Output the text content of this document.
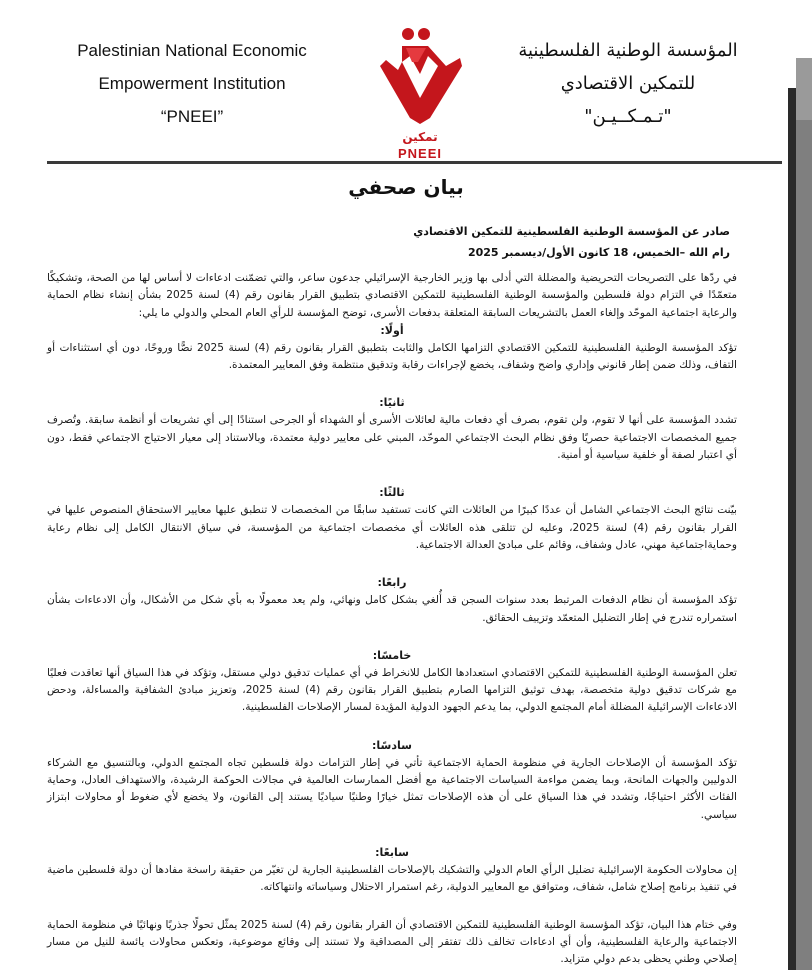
Palestinian National Economic
Empowerment Institution
“PNEEI”
تمكين
PNEEI
المؤسسة الوطنية الفلسطينية
للتمكين الاقتصادي
"تـمـكــيـن"
بيان صحفي
صادر عن المؤسسة الوطنية الفلسطينية للتمكين الاقتصادي
رام الله –الخميس، 18 كانون الأول/ديسمبر 2025

في ردّها على التصريحات التحريضية والمضللة التي أدلى بها وزير الخارجية الإسرائيلي جدعون ساعر، والتي تضمّنت ادعاءات لا أساس لها من الصحة، وتشكيكًا متعمّدًا في التزام دولة فلسطين والمؤسسة الوطنية الفلسطينية للتمكين الاقتصادي بتطبيق القرار بقانون رقم (4) لسنة 2025 بشأن إنشاء نظام الحماية والرعاية اجتماعية الموحّد وإلغاء العمل بالتشريعات السابقة المتعلقة بدفعات الأسرى، توضح المؤسسة للرأي العام المحلي والدولي ما يلي:

أولًا:

تؤكد المؤسسة الوطنية الفلسطينية للتمكين الاقتصادي التزامها الكامل والثابت بتطبيق القرار بقانون رقم (4) لسنة 2025 نصًّا وروحًا، دون أي استثناءات أو التفاف، وذلك ضمن إطار قانوني وإداري واضح وشفاف، يخضع لإجراءات رقابة وتدقيق منتظمة وفق المعايير المعتمدة.

ثانيًا:

تشدد المؤسسة على أنها لا تقوم، ولن تقوم، بصرف أي دفعات مالية لعائلات الأسرى أو الشهداء أو الجرحى استنادًا إلى أي تشريعات أو أنظمة سابقة. وتُصرف جميع المخصصات الاجتماعية حصريًا وفق نظام البحث الاجتماعي الموحّد، المبني على معايير دولية معتمدة، وبالاستناد إلى معيار الاحتياج الاجتماعي فقط، دون أي اعتبار لصفة أو خلفية سياسية أو أمنية.

ثالثًا:

بيّنت نتائج البحث الاجتماعي الشامل أن عددًا كبيرًا من العائلات التي كانت تستفيد سابقًا من المخصصات لا تنطبق عليها معايير الاستحقاق المنصوص عليها في القرار بقانون رقم (4) لسنة 2025، وعليه لن تتلقى هذه العائلات أي مخصصات اجتماعية من المؤسسة، في سياق الانتقال الكامل إلى نظام رعاية وحمايةاجتماعية مهني، عادل وشفاف، وقائم على مبادئ العدالة الاجتماعية.

رابعًا:

تؤكد المؤسسة أن نظام الدفعات المرتبط بعدد سنوات السجن قد أُلغي بشكل كامل ونهائي، ولم يعد معمولًا به بأي شكل من الأشكال، وأن الادعاءات بشأن استمراره تندرج في إطار التضليل المتعمّد وتزييف الحقائق.

خامسًا:

تعلن المؤسسة الوطنية الفلسطينية للتمكين الاقتصادي استعدادها الكامل للانخراط في أي عمليات تدقيق دولي مستقل، وتؤكد في هذا السياق أنها تعاقدت فعليًا مع شركات تدقيق دولية متخصصة، بهدف توثيق التزامها الصارم بتطبيق القرار بقانون رقم (4) لسنة 2025، وتعزيز مبادئ الشفافية والمساءلة، ودحض الادعاءات الإسرائيلية المضللة أمام المجتمع الدولي، بما يدعم الجهود الدولية المؤيدة لمسار الإصلاحات الفلسطينية.

سادسًا:

تؤكد المؤسسة أن الإصلاحات الجارية في منظومة الحماية الاجتماعية تأتي في إطار التزامات دولة فلسطين تجاه المجتمع الدولي، وبالتنسيق مع الشركاء الدوليين والجهات المانحة، وبما يضمن مواءمة السياسات الاجتماعية مع أفضل الممارسات العالمية في مجالات الحوكمة الرشيدة، والاستهداف العادل، وحماية الفئات الأكثر احتياجًا، وتشدد في هذا السياق على أن هذه الإصلاحات تمثل خيارًا وطنيًا سياديًا يستند إلى القانون، ولا يخضع لأي ضغوط أو محاولات ابتزاز سياسي.

سابعًا:

إن محاولات الحكومة الإسرائيلية تضليل الرأي العام الدولي والتشكيك بالإصلاحات الفلسطينية الجارية لن تغيّر من حقيقة راسخة مفادها أن دولة فلسطين ماضية في تنفيذ برنامج إصلاح شامل، شفاف، ومتوافق مع المعايير الدولية، رغم استمرار الاحتلال وسياساته وانتهاكاته.

وفي ختام هذا البيان، تؤكد المؤسسة الوطنية الفلسطينية للتمكين الاقتصادي أن القرار بقانون رقم (4) لسنة 2025 يمثّل تحولًا جذريًا ونهائيًا في منظومة الحماية الاجتماعية والرعاية الفلسطينية، وأن أي ادعاءات تخالف ذلك تفتقر إلى المصداقية ولا تستند إلى وقائع موضوعية، وتعكس محاولات يائسة للنيل من مسار إصلاحي وطني يحظى بدعم دولي متزايد.
